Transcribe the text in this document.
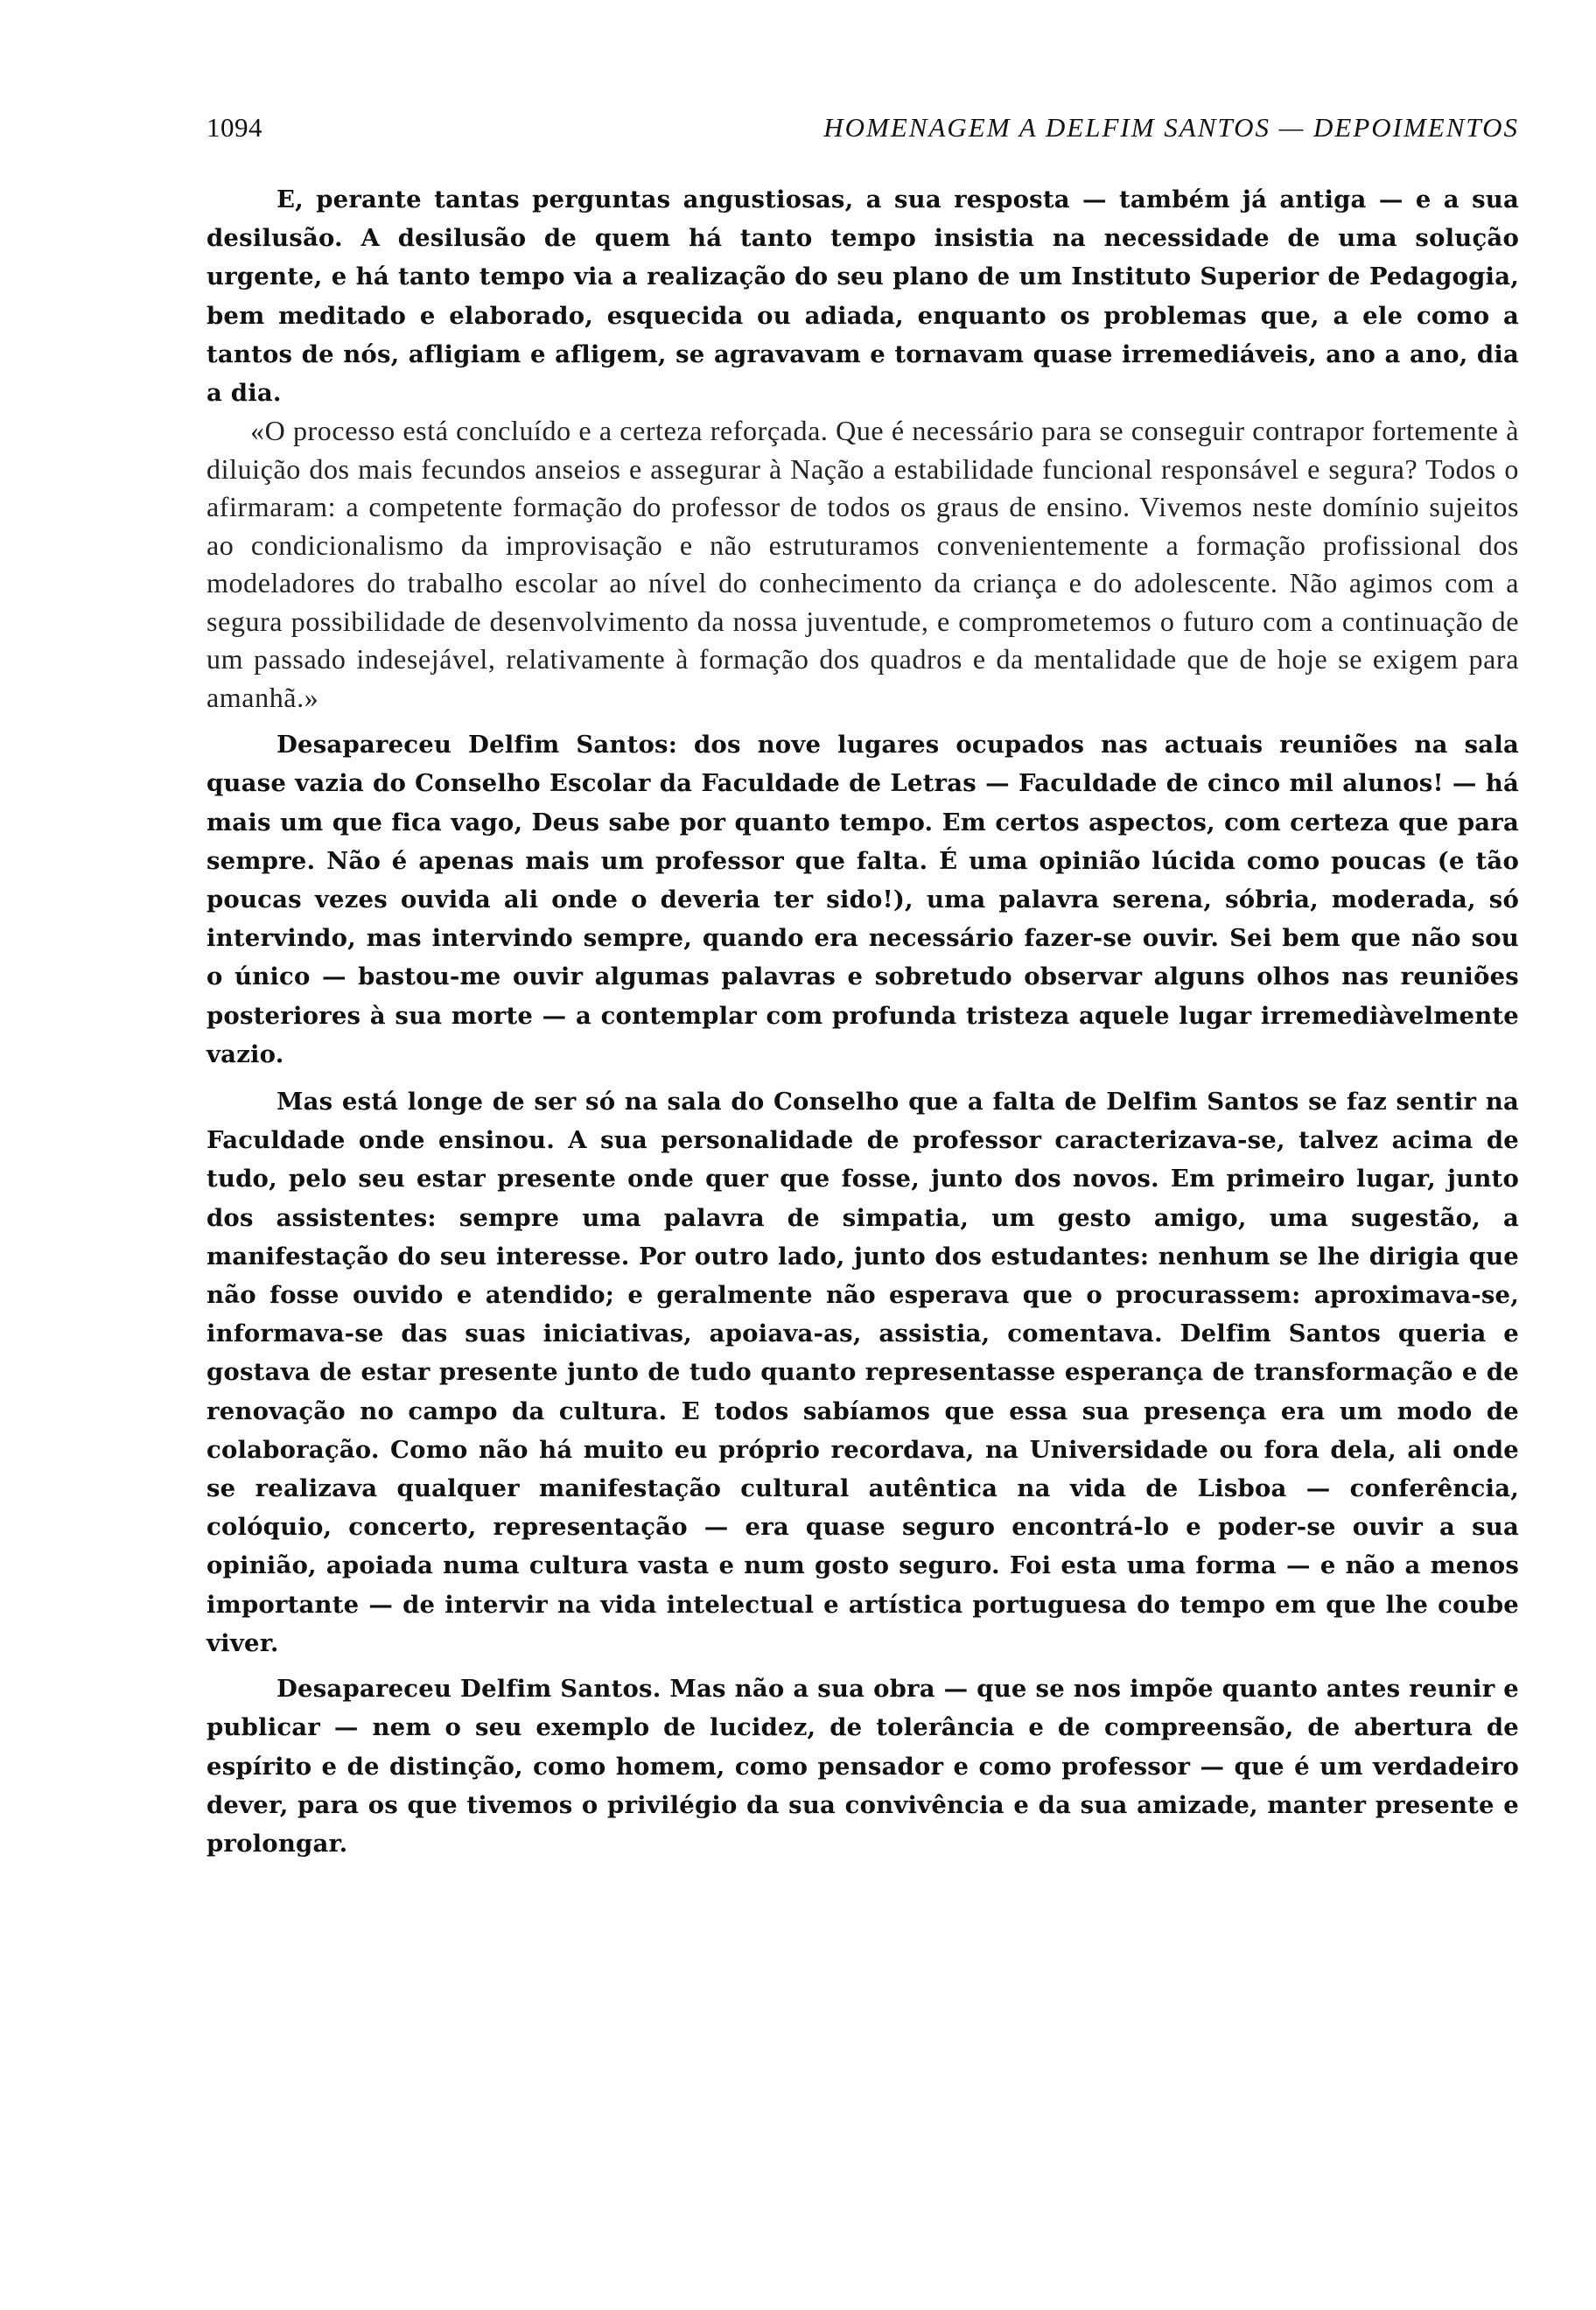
1094	HOMENAGEM A DELFIM SANTOS — DEPOIMENTOS

E, perante tantas perguntas angustiosas, a sua resposta — também já antiga — e a sua desilusão. A desilusão de quem há tanto tempo insistia na necessidade de uma solução urgente, e há tanto tempo via a realização do seu plano de um Instituto Superior de Pedagogia, bem meditado e elaborado, esquecida ou adiada, enquanto os problemas que, a ele como a tantos de nós, afligiam e afligem, se agravavam e tornavam quase irremediáveis, ano a ano, dia a dia.

«O processo está concluído e a certeza reforçada. Que é necessário para se conseguir contrapor fortemente à diluição dos mais fecundos anseios e assegurar à Nação a estabilidade funcional responsável e segura? Todos o afirmaram: a competente formação do professor de todos os graus de ensino. Vivemos neste domínio sujeitos ao condicionalismo da improvisação e não estruturamos convenientemente a formação profissional dos modeladores do trabalho escolar ao nível do conhecimento da criança e do adolescente. Não agimos com a segura possibilidade de desenvolvimento da nossa juventude, e comprometemos o futuro com a continuação de um passado indesejável, relativamente à formação dos quadros e da mentalidade que de hoje se exigem para amanhã.»

Desapareceu Delfim Santos: dos nove lugares ocupados nas actuais reuniões na sala quase vazia do Conselho Escolar da Faculdade de Letras — Faculdade de cinco mil alunos! — há mais um que fica vago, Deus sabe por quanto tempo. Em certos aspectos, com certeza que para sempre. Não é apenas mais um professor que falta. É uma opinião lúcida como poucas (e tão poucas vezes ouvida ali onde o deveria ter sido!), uma palavra serena, sóbria, moderada, só intervindo, mas intervindo sempre, quando era necessário fazer-se ouvir. Sei bem que não sou o único — bastou-me ouvir algumas palavras e sobretudo observar alguns olhos nas reuniões posteriores à sua morte — a contemplar com profunda tristeza aquele lugar irremediàvelmente vazio.

Mas está longe de ser só na sala do Conselho que a falta de Delfim Santos se faz sentir na Faculdade onde ensinou. A sua personalidade de professor caracterizava-se, talvez acima de tudo, pelo seu estar presente onde quer que fosse, junto dos novos. Em primeiro lugar, junto dos assistentes: sempre uma palavra de simpatia, um gesto amigo, uma sugestão, a manifestação do seu interesse. Por outro lado, junto dos estudantes: nenhum se lhe dirigia que não fosse ouvido e atendido; e geralmente não esperava que o procurassem: aproximava-se, informava-se das suas iniciativas, apoiava-as, assistia, comentava. Delfim Santos queria e gostava de estar presente junto de tudo quanto representasse esperança de transformação e de renovação no campo da cultura. E todos sabíamos que essa sua presença era um modo de colaboração. Como não há muito eu próprio recordava, na Universidade ou fora dela, ali onde se realizava qualquer manifestação cultural autêntica na vida de Lisboa — conferência, colóquio, concerto, representação — era quase seguro encontrá-lo e poder-se ouvir a sua opinião, apoiada numa cultura vasta e num gosto seguro. Foi esta uma forma — e não a menos importante — de intervir na vida intelectual e artística portuguesa do tempo em que lhe coube viver.

Desapareceu Delfim Santos. Mas não a sua obra — que se nos impõe quanto antes reunir e publicar — nem o seu exemplo de lucidez, de tolerância e de compreensão, de abertura de espírito e de distinção, como homem, como pensador e como professor — que é um verdadeiro dever, para os que tivemos o privilégio da sua convivência e da sua amizade, manter presente e prolongar.
